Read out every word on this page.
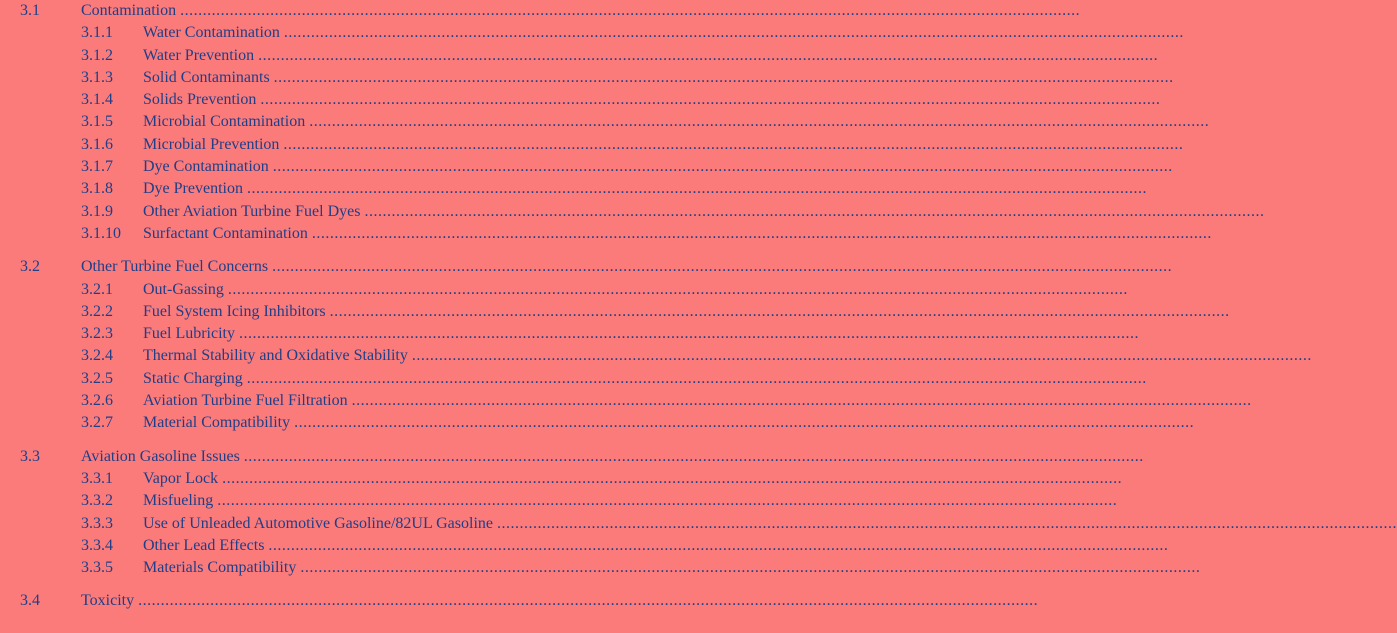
3.1	Contamination ........................................................................................................................................................................................................
3.1.1 Water Contamination ........................................................................................................................................................................................................
3.1.2 Water Prevention ........................................................................................................................................................................................................
3.1.3 Solid Contaminants ........................................................................................................................................................................................................
3.1.4 Solids Prevention ........................................................................................................................................................................................................
3.1.5 Microbial Contamination ........................................................................................................................................................................................................
3.1.6 Microbial Prevention ........................................................................................................................................................................................................
3.1.7 Dye Contamination ........................................................................................................................................................................................................
3.1.8 Dye Prevention ........................................................................................................................................................................................................
3.1.9 Other Aviation Turbine Fuel Dyes ........................................................................................................................................................................................................
3.1.10 Surfactant Contamination ........................................................................................................................................................................................................
3.2	Other Turbine Fuel Concerns ........................................................................................................................................................................................................
3.2.1 Out-Gassing ........................................................................................................................................................................................................
3.2.2 Fuel System Icing Inhibitors ........................................................................................................................................................................................................
3.2.3 Fuel Lubricity ........................................................................................................................................................................................................
3.2.4 Thermal Stability and Oxidative Stability ........................................................................................................................................................................................................
3.2.5 Static Charging ........................................................................................................................................................................................................
3.2.6 Aviation Turbine Fuel Filtration ........................................................................................................................................................................................................
3.2.7 Material Compatibility ........................................................................................................................................................................................................
3.3	Aviation Gasoline Issues ........................................................................................................................................................................................................
3.3.1 Vapor Lock ........................................................................................................................................................................................................
3.3.2 Misfueling ........................................................................................................................................................................................................
3.3.3 Use of Unleaded Automotive Gasoline/82UL Gasoline ........................................................................................................................................................................................................
3.3.4 Other Lead Effects ........................................................................................................................................................................................................
3.3.5 Materials Compatibility ........................................................................................................................................................................................................
3.4	Toxicity ........................................................................................................................................................................................................
